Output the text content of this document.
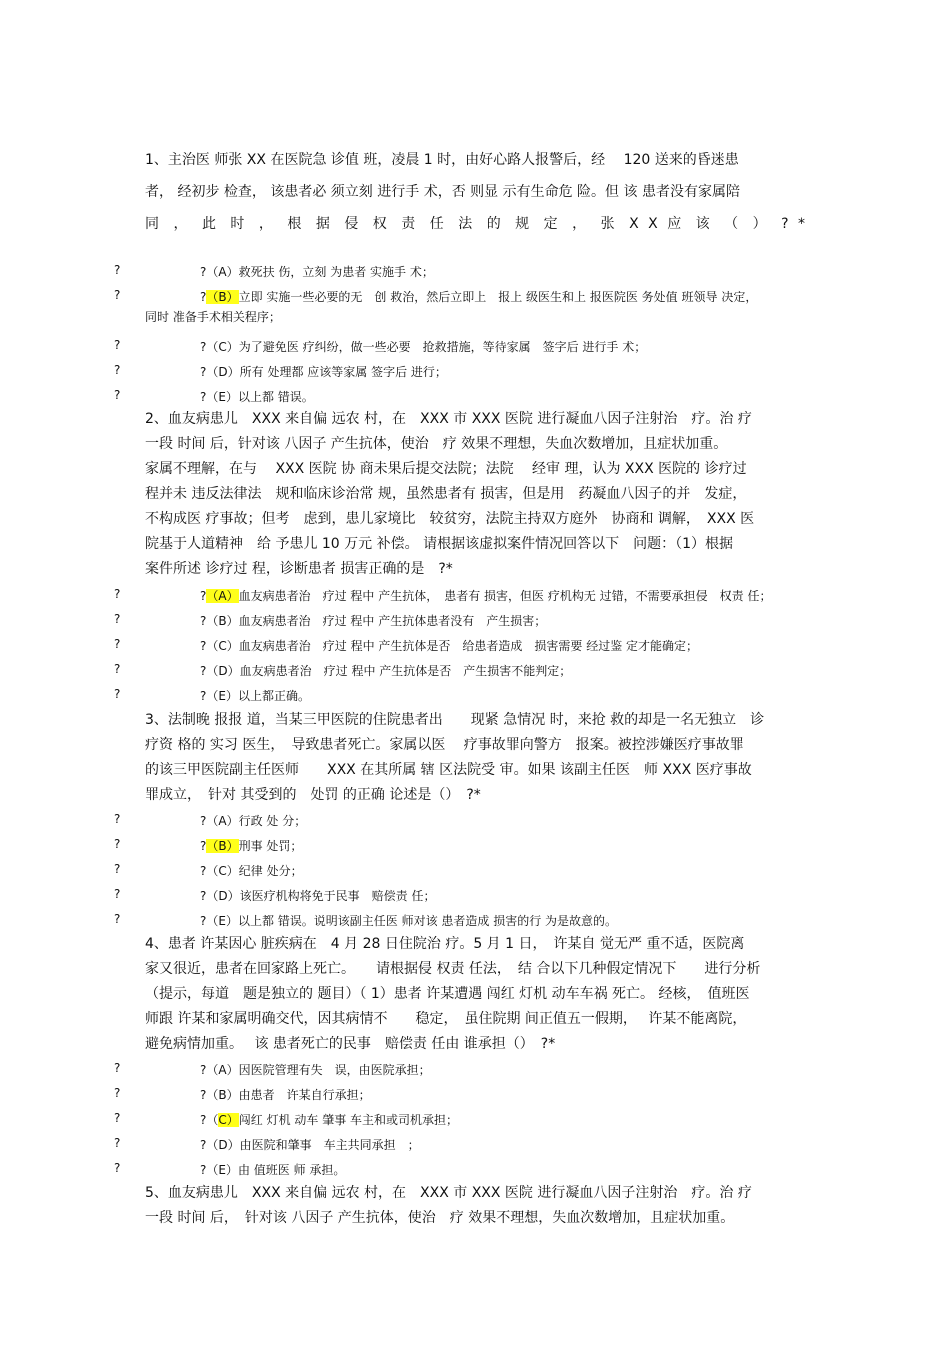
1、主治医 师张 XX 在医院急 诊值 班，凌晨 1 时，由好心路人报警后，经　 120 送来的昏迷患
者， 经初步 检查， 该患者必 须立刻 进行手 术，否 则显 示有生命危 险。但 该 患者没有家属陪
同 ， 此 时 ， 根 据 侵 权 责 任 法 的 规 定 ， 张 X X 应 该 （ ） ? *
?	?（A）救死扶 伤，立刻 为患者 实施手 术；
?	?（B）立即 实施一些必要的无　创 救治，然后立即上　报上 级医生和上 报医院医 务处值 班领导 决定，
同时 准备手术相关程序；
?	?（C）为了避免医 疗纠纷，做一些必要　抢救措施，等待家属　签字后 进行手 术；
?	?（D）所有 处理都 应该等家属 签字后 进行；
?	?（E）以上都 错误。
2、血友病患儿　XXX 来自偏 远农 村，在　XXX 市 XXX 医院 进行凝血八因子注射治　疗。治 疗
一段 时间 后，针对该 八因子 产生抗体，使治　疗 效果不理想，失血次数增加，且症状加重。
家属不理解，在与　 XXX 医院 协 商未果后提交法院；法院　 经审 理，认为 XXX 医院的 诊疗过
程并未 违反法律法　规和临床诊治常 规，虽然患者有 损害，但是用　药凝血八因子的并　发症，
不构成医 疗事故；但考　虑到，患儿家境比　较贫穷，法院主持双方庭外　协商和 调解，　XXX 医
院基于人道精神　给 予患儿 10 万元 补偿。 请根据该虚拟案件情况回答以下　问题：（1）根据
案件所述 诊疗过 程，诊断患者 损害正确的是　?*
?	?（A）血友病患者治　疗过 程中 产生抗体，　患者有 损害，但医 疗机构无 过错，不需要承担侵　权责 任；
?	?（B）血友病患者治　疗过 程中 产生抗体患者没有　产生损害；
?	?（C）血友病患者治　疗过 程中 产生抗体是否　给患者造成　损害需要 经过鉴 定才能确定；
?	?（D）血友病患者治　疗过 程中 产生抗体是否　产生损害不能判定；
?	?（E）以上都正确。
3、法制晚 报报 道，当某三甲医院的住院患者出　　现紧 急情况 时，来抢 救的却是一名无独立　诊
疗资 格的 实习 医生，　导致患者死亡。家属以医　 疗事故罪向警方　报案。被控涉嫌医疗事故罪
的该三甲医院副主任医师　　XXX 在其所属 辖 区法院受 审。如果 该副主任医　师 XXX 医疗事故
罪成立，　针对 其受到的　处罚 的正确 论述是（）　?*
?	?（A）行政 处 分；
?	?（B）刑事 处罚；
?	?（C）纪律 处分；
?	?（D）该医疗机构将免于民事　赔偿责 任；
?	?（E）以上都 错误。说明该副主任医 师对该 患者造成 损害的行 为是故意的。
4、患者 许某因心 脏疾病在　4 月 28 日住院治 疗。5 月 1 日，　许某自 觉无严 重不适，医院离
家又很近，患者在回家路上死亡。　　请根据侵 权责 任法，　结 合以下几种假定情况下　　进行分析
（提示，每道　题是独立的 题目）（ 1）患者 许某遭遇 闯红 灯机 动车车祸 死亡。 经核，　值班医
师跟 许某和家属明确交代，因其病情不　　稳定，　虽住院期 间正值五一假期，　 许某不能离院，
避免病情加重。　 该 患者死亡的民事　赔偿责 任由 谁承担（）　?*
?	?（A）因医院管理有失　误，由医院承担；
?	?（B）由患者　许某自行承担；
?	?（C）闯红 灯机 动车 肇事 车主和或司机承担；
?	?（D）由医院和肇事　车主共同承担　；
?	?（E）由 值班医 师 承担。
5、血友病患儿　XXX 来自偏 远农 村，在　XXX 市 XXX 医院 进行凝血八因子注射治　疗。治 疗
一段 时间 后，　针对该 八因子 产生抗体，使治　疗 效果不理想，失血次数增加，且症状加重。
